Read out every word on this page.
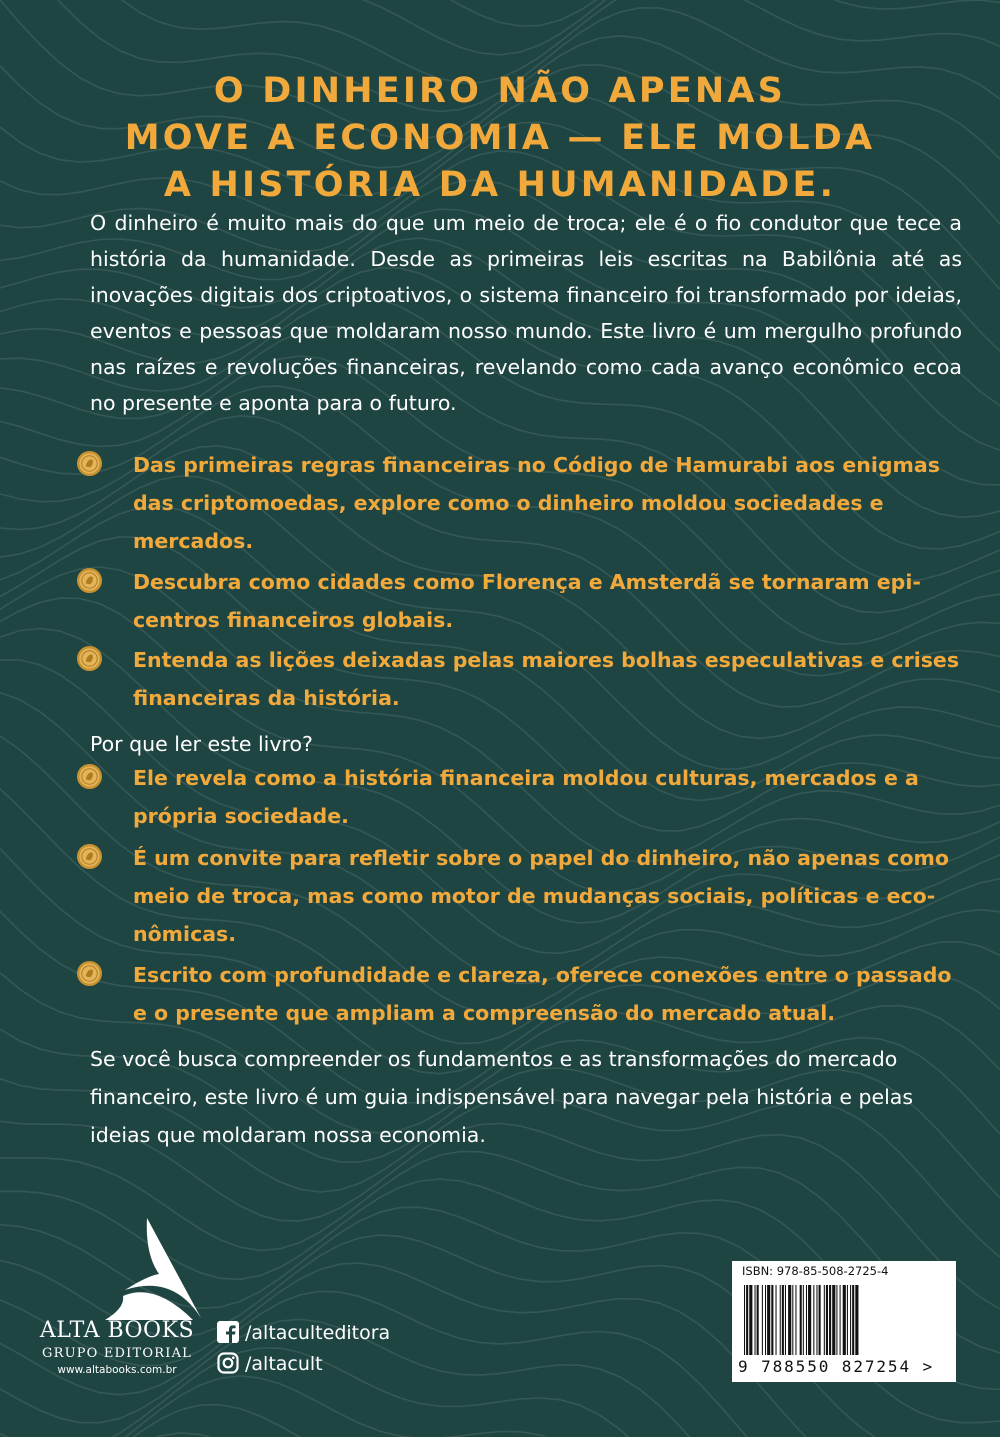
O DINHEIRO NÃO APENAS
MOVE A ECONOMIA — ELE MOLDA
A HISTÓRIA DA HUMANIDADE.
O dinheiro é muito mais do que um meio de troca; ele é o fio condutor que tece a história da humanidade. Desde as primeiras leis escritas na Babilônia até as inovações digitais dos criptoativos, o sistema financeiro foi transformado por ideias, eventos e pessoas que moldaram nosso mundo. Este livro é um mergulho profundo nas raízes e revoluções financeiras, revelando como cada avanço econômico ecoa no presente e aponta para o futuro.
Das primeiras regras financeiras no Código de Hamurabi aos enigmas das criptomoedas, explore como o dinheiro moldou sociedades e mercados.
Descubra como cidades como Florença e Amsterdã se tornaram epicentros financeiros globais.
Entenda as lições deixadas pelas maiores bolhas especulativas e crises financeiras da história.
Por que ler este livro?
Ele revela como a história financeira moldou culturas, mercados e a própria sociedade.
É um convite para refletir sobre o papel do dinheiro, não apenas como meio de troca, mas como motor de mudanças sociais, políticas e econômicas.
Escrito com profundidade e clareza, oferece conexões entre o passado e o presente que ampliam a compreensão do mercado atual.
Se você busca compreender os fundamentos e as transformações do mercado financeiro, este livro é um guia indispensável para navegar pela história e pelas ideias que moldaram nossa economia.
ALTA BOOKS
GRUPO EDITORIAL
www.altabooks.com.br
/altaculteditora
/altacult
ISBN: 978-85-508-2725-4
9 788550 827254 >
